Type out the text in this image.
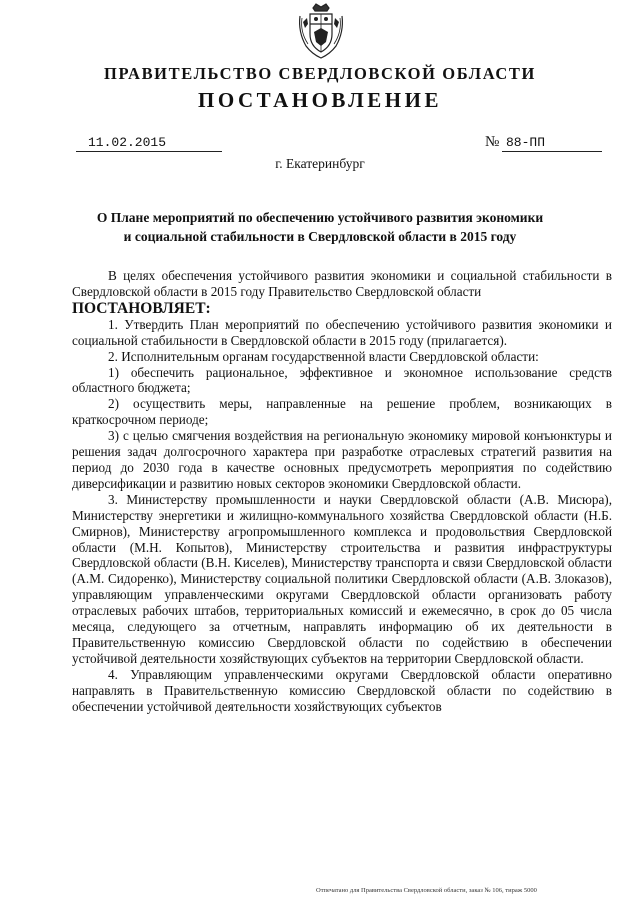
ПРАВИТЕЛЬСТВО СВЕРДЛОВСКОЙ ОБЛАСТИ
ПОСТАНОВЛЕНИЕ
11.02.2015	№ 88-ПП
г. Екатеринбург
О Плане мероприятий по обеспечению устойчивого развития экономики
и социальной стабильности в Свердловской области в 2015 году

В целях обеспечения устойчивого развития экономики и социальной стабильности в Свердловской области в 2015 году Правительство Свердловской области

ПОСТАНОВЛЯЕТ:

1. Утвердить План мероприятий по обеспечению устойчивого развития экономики и социальной стабильности в Свердловской области в 2015 году (прилагается).

2. Исполнительным органам государственной власти Свердловской области:

1) обеспечить рациональное, эффективное и экономное использование средств областного бюджета;

2) осуществить меры, направленные на решение проблем, возникающих в краткосрочном периоде;

3) с целью смягчения воздействия на региональную экономику мировой конъюнктуры и решения задач долгосрочного характера при разработке отраслевых стратегий развития на период до 2030 года в качестве основных предусмотреть мероприятия по содействию диверсификации и развитию новых секторов экономики Свердловской области.

3. Министерству промышленности и науки Свердловской области (А.В. Мисюра), Министерству энергетики и жилищно-коммунального хозяйства Свердловской области (Н.Б. Смирнов), Министерству агропромышленного комплекса и продовольствия Свердловской области (М.Н. Копытов), Министерству строительства и развития инфраструктуры Свердловской области (В.Н. Киселев), Министерству транспорта и связи Свердловской области (А.М. Сидоренко), Министерству социальной политики Свердловской области (А.В. Злоказов), управляющим управленческими округами Свердловской области организовать работу отраслевых рабочих штабов, территориальных комиссий и ежемесячно, в срок до 05 числа месяца, следующего за отчетным, направлять информацию об их деятельности в Правительственную комиссию Свердловской области по содействию в обеспечении устойчивой деятельности хозяйствующих субъектов на территории Свердловской области.

4. Управляющим управленческими округами Свердловской области оперативно направлять в Правительственную комиссию Свердловской области по содействию в обеспечении устойчивой деятельности хозяйствующих субъектов

Отпечатано для Правительства Свердловской области, заказ № 106, тираж 5000
